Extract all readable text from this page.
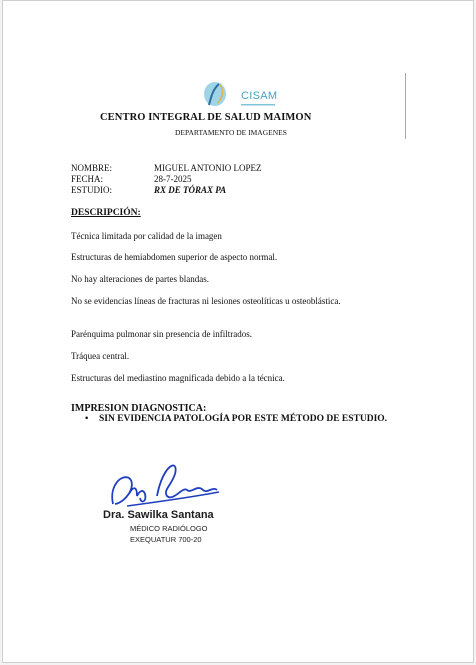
CISAM
CENTRO INTEGRAL DE SALUD MAIMON
DEPARTAMENTO DE IMAGENES
NOMBRE:	MIGUEL ANTONIO LOPEZ
FECHA:	28-7-2025
ESTUDIO:	RX DE TÓRAX PA
DESCRIPCIÓN:
Técnica limitada por calidad de la imagen
Estructuras de hemiabdomen superior de aspecto normal.
No hay alteraciones de partes blandas.
No se evidencias líneas de fracturas ni lesiones osteolíticas u osteoblástica.
Parénquima pulmonar sin presencia de infiltrados.
Tráquea central.
Estructuras del mediastino magnificada debido a la técnica.
IMPRESION DIAGNOSTICA:
• SIN EVIDENCIA PATOLOGÍA POR ESTE MÉTODO DE ESTUDIO.
Dra. Sawilka Santana
MÉDICO RADIÓLOGO
EXEQUATUR 700-20
